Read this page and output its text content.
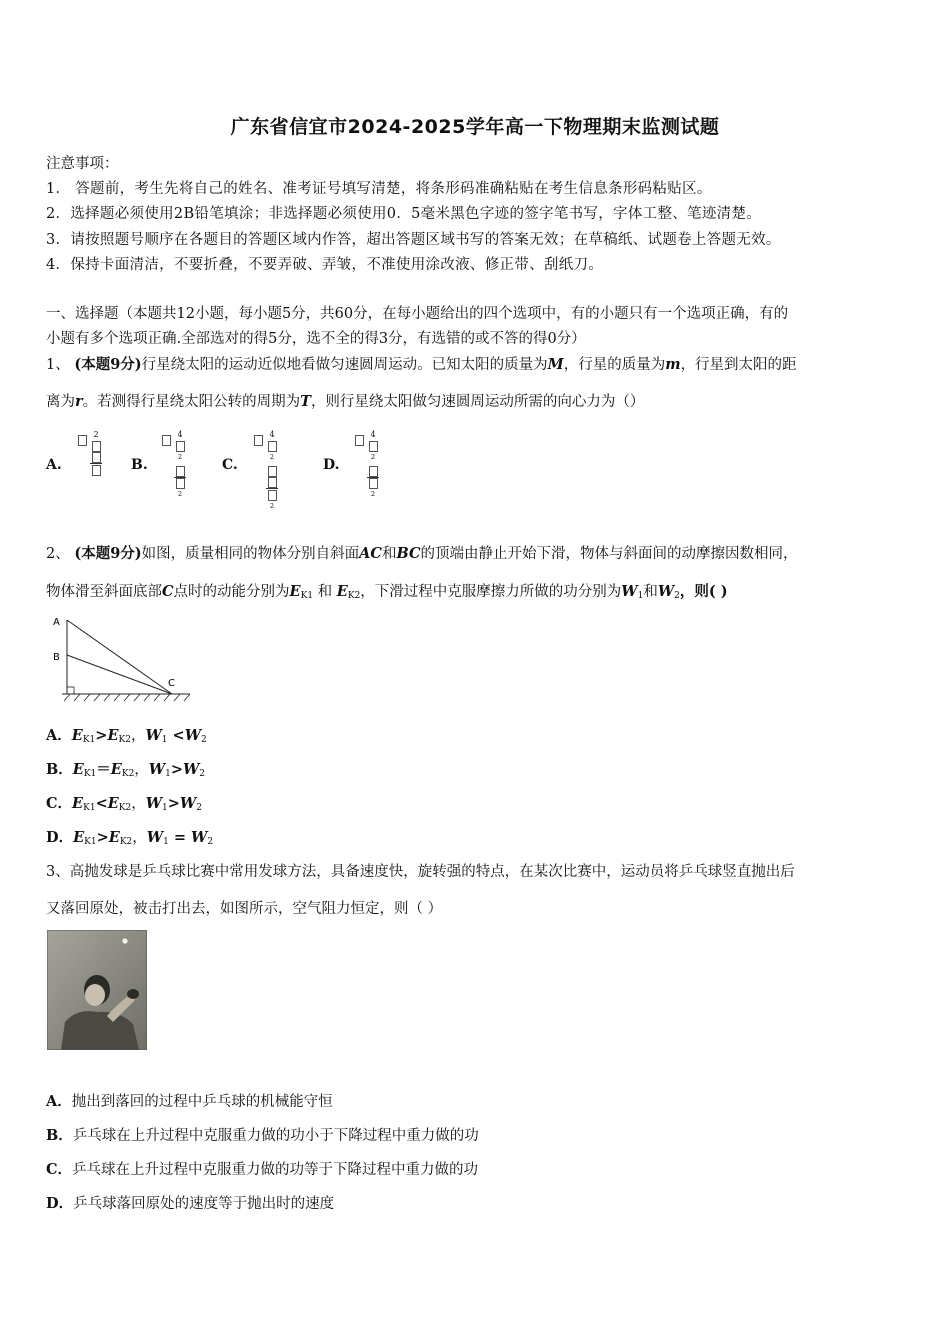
广东省信宜市2024-2025学年高一下物理期末监测试题
注意事项：
1． 答题前，考生先将自己的姓名、准考证号填写清楚，将条形码准确粘贴在考生信息条形码粘贴区。
2．选择题必须使用2B铅笔填涂；非选择题必须使用0．5毫米黑色字迹的签字笔书写，字体工整、笔迹清楚。
3．请按照题号顺序在各题目的答题区域内作答，超出答题区域书写的答案无效；在草稿纸、试题卷上答题无效。
4．保持卡面清洁，不要折叠，不要弄破、弄皱，不准使用涂改液、修正带、刮纸刀。
一、选择题（本题共12小题，每小题5分，共60分，在每小题给出的四个选项中，有的小题只有一个选项正确，有的
小题有多个选项正确.全部选对的得5分，选不全的得3分，有选错的或不答的得0分）
1、 (本题9分)行星绕太阳的运动近似地看做匀速圆周运动。已知太阳的质量为M，行星的质量为m，行星到太阳的距
离为r。若测得行星绕太阳公转的周期为T，则行星绕太阳做匀速圆周运动所需的向心力为（）
A.
2
B.
$4^2$
$^2$
C.
$4^2$
$^2$
D.
$4^2$
$^2$
2、 (本题9分)如图，质量相同的物体分别自斜面AC和BC的顶端由静止开始下滑，物体与斜面间的动摩擦因数相同，
物体滑至斜面底部C点时的动能分别为$E_{K1}$ 和 $E_{K2}$，下滑过程中克服摩擦力所做的功分别为$W_1$和$W_2$，则( )
A
B
C
A．$E_{K1}>E_{K2}$，$W_1 <W_2$
B．$E_{K1}=E_{K2}$，$W_1>W_2$
C．$E_{K1}<E_{K2}$，$W_1>W_2$
D．$E_{K1}>E_{K2}$，$W_1 = W_2$
3、高抛发球是乒乓球比赛中常用发球方法，具备速度快，旋转强的特点，在某次比赛中，运动员将乒乓球竖直抛出后
又落回原处，被击打出去，如图所示，空气阻力恒定，则（ ）
A．抛出到落回的过程中乒乓球的机械能守恒
B．乒乓球在上升过程中克服重力做的功小于下降过程中重力做的功
C．乒乓球在上升过程中克服重力做的功等于下降过程中重力做的功
D．乒乓球落回原处的速度等于抛出时的速度
